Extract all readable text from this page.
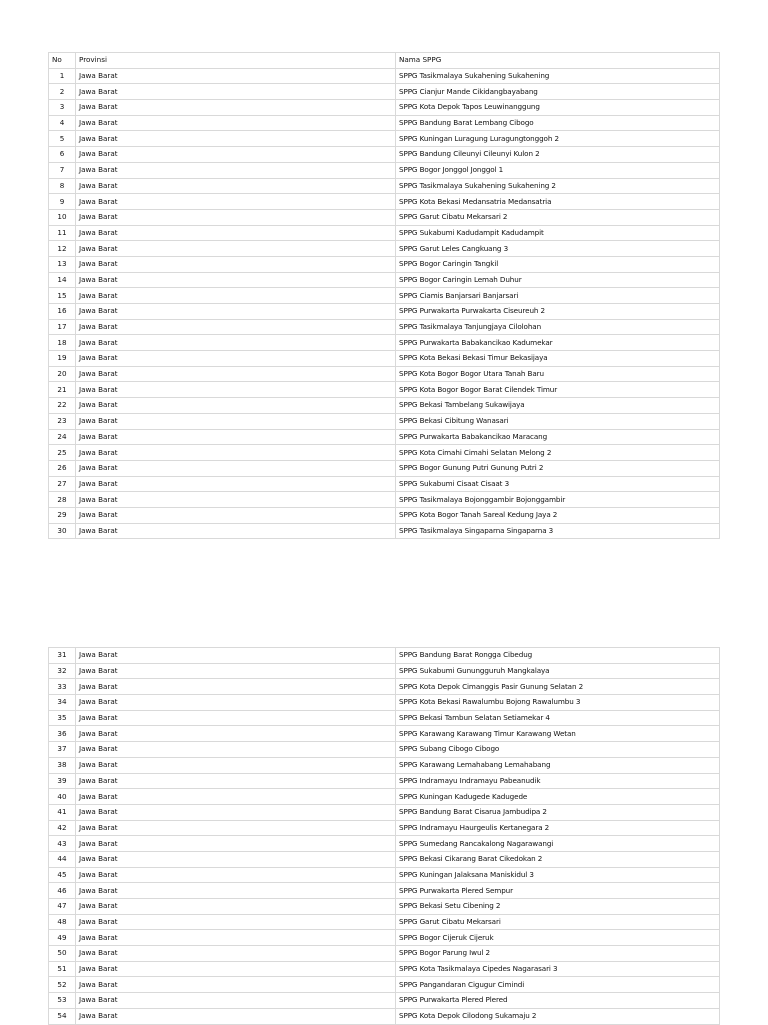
No	Provinsi	Nama SPPG
1	Jawa Barat	SPPG Tasikmalaya Sukahening Sukahening
2	Jawa Barat	SPPG Cianjur Mande Cikidangbayabang
3	Jawa Barat	SPPG Kota Depok Tapos Leuwinanggung
4	Jawa Barat	SPPG Bandung Barat Lembang Cibogo
5	Jawa Barat	SPPG Kuningan Luragung Luragungtonggoh 2
6	Jawa Barat	SPPG Bandung Cileunyi Cileunyi Kulon 2
7	Jawa Barat	SPPG Bogor Jonggol Jonggol 1
8	Jawa Barat	SPPG Tasikmalaya Sukahening Sukahening 2
9	Jawa Barat	SPPG Kota Bekasi Medansatria Medansatria
10	Jawa Barat	SPPG Garut Cibatu Mekarsari 2
11	Jawa Barat	SPPG Sukabumi Kadudampit Kadudampit
12	Jawa Barat	SPPG Garut Leles Cangkuang 3
13	Jawa Barat	SPPG Bogor Caringin Tangkil
14	Jawa Barat	SPPG Bogor Caringin Lemah Duhur
15	Jawa Barat	SPPG Ciamis Banjarsari Banjarsari
16	Jawa Barat	SPPG Purwakarta Purwakarta Ciseureuh 2
17	Jawa Barat	SPPG Tasikmalaya Tanjungjaya Cilolohan
18	Jawa Barat	SPPG Purwakarta Babakancikao Kadumekar
19	Jawa Barat	SPPG Kota Bekasi Bekasi Timur Bekasijaya
20	Jawa Barat	SPPG Kota Bogor Bogor Utara Tanah Baru
21	Jawa Barat	SPPG Kota Bogor Bogor Barat Cilendek Timur
22	Jawa Barat	SPPG Bekasi Tambelang Sukawijaya
23	Jawa Barat	SPPG Bekasi Cibitung Wanasari
24	Jawa Barat	SPPG Purwakarta Babakancikao Maracang
25	Jawa Barat	SPPG Kota Cimahi Cimahi Selatan Melong 2
26	Jawa Barat	SPPG Bogor Gunung Putri Gunung Putri 2
27	Jawa Barat	SPPG Sukabumi Cisaat Cisaat 3
28	Jawa Barat	SPPG Tasikmalaya Bojonggambir Bojonggambir
29	Jawa Barat	SPPG Kota Bogor Tanah Sareal Kedung Jaya 2
30	Jawa Barat	SPPG Tasikmalaya Singaparna Singaparna 3
31	Jawa Barat	SPPG Bandung Barat Rongga Cibedug
32	Jawa Barat	SPPG Sukabumi Gunungguruh Mangkalaya
33	Jawa Barat	SPPG Kota Depok Cimanggis Pasir Gunung Selatan 2
34	Jawa Barat	SPPG Kota Bekasi Rawalumbu Bojong Rawalumbu 3
35	Jawa Barat	SPPG Bekasi Tambun Selatan Setiamekar 4
36	Jawa Barat	SPPG Karawang Karawang Timur Karawang Wetan
37	Jawa Barat	SPPG Subang Cibogo Cibogo
38	Jawa Barat	SPPG Karawang Lemahabang Lemahabang
39	Jawa Barat	SPPG Indramayu Indramayu Pabeanudik
40	Jawa Barat	SPPG Kuningan Kadugede Kadugede
41	Jawa Barat	SPPG Bandung Barat Cisarua Jambudipa 2
42	Jawa Barat	SPPG Indramayu Haurgeulis Kertanegara 2
43	Jawa Barat	SPPG Sumedang Rancakalong Nagarawangi
44	Jawa Barat	SPPG Bekasi Cikarang Barat Cikedokan 2
45	Jawa Barat	SPPG Kuningan Jalaksana Maniskidul 3
46	Jawa Barat	SPPG Purwakarta Plered Sempur
47	Jawa Barat	SPPG Bekasi Setu Cibening 2
48	Jawa Barat	SPPG Garut Cibatu Mekarsari
49	Jawa Barat	SPPG Bogor Cijeruk Cijeruk
50	Jawa Barat	SPPG Bogor Parung Iwul 2
51	Jawa Barat	SPPG Kota Tasikmalaya Cipedes Nagarasari 3
52	Jawa Barat	SPPG Pangandaran Cigugur Cimindi
53	Jawa Barat	SPPG Purwakarta Plered Plered
54	Jawa Barat	SPPG Kota Depok Cilodong Sukamaju 2
